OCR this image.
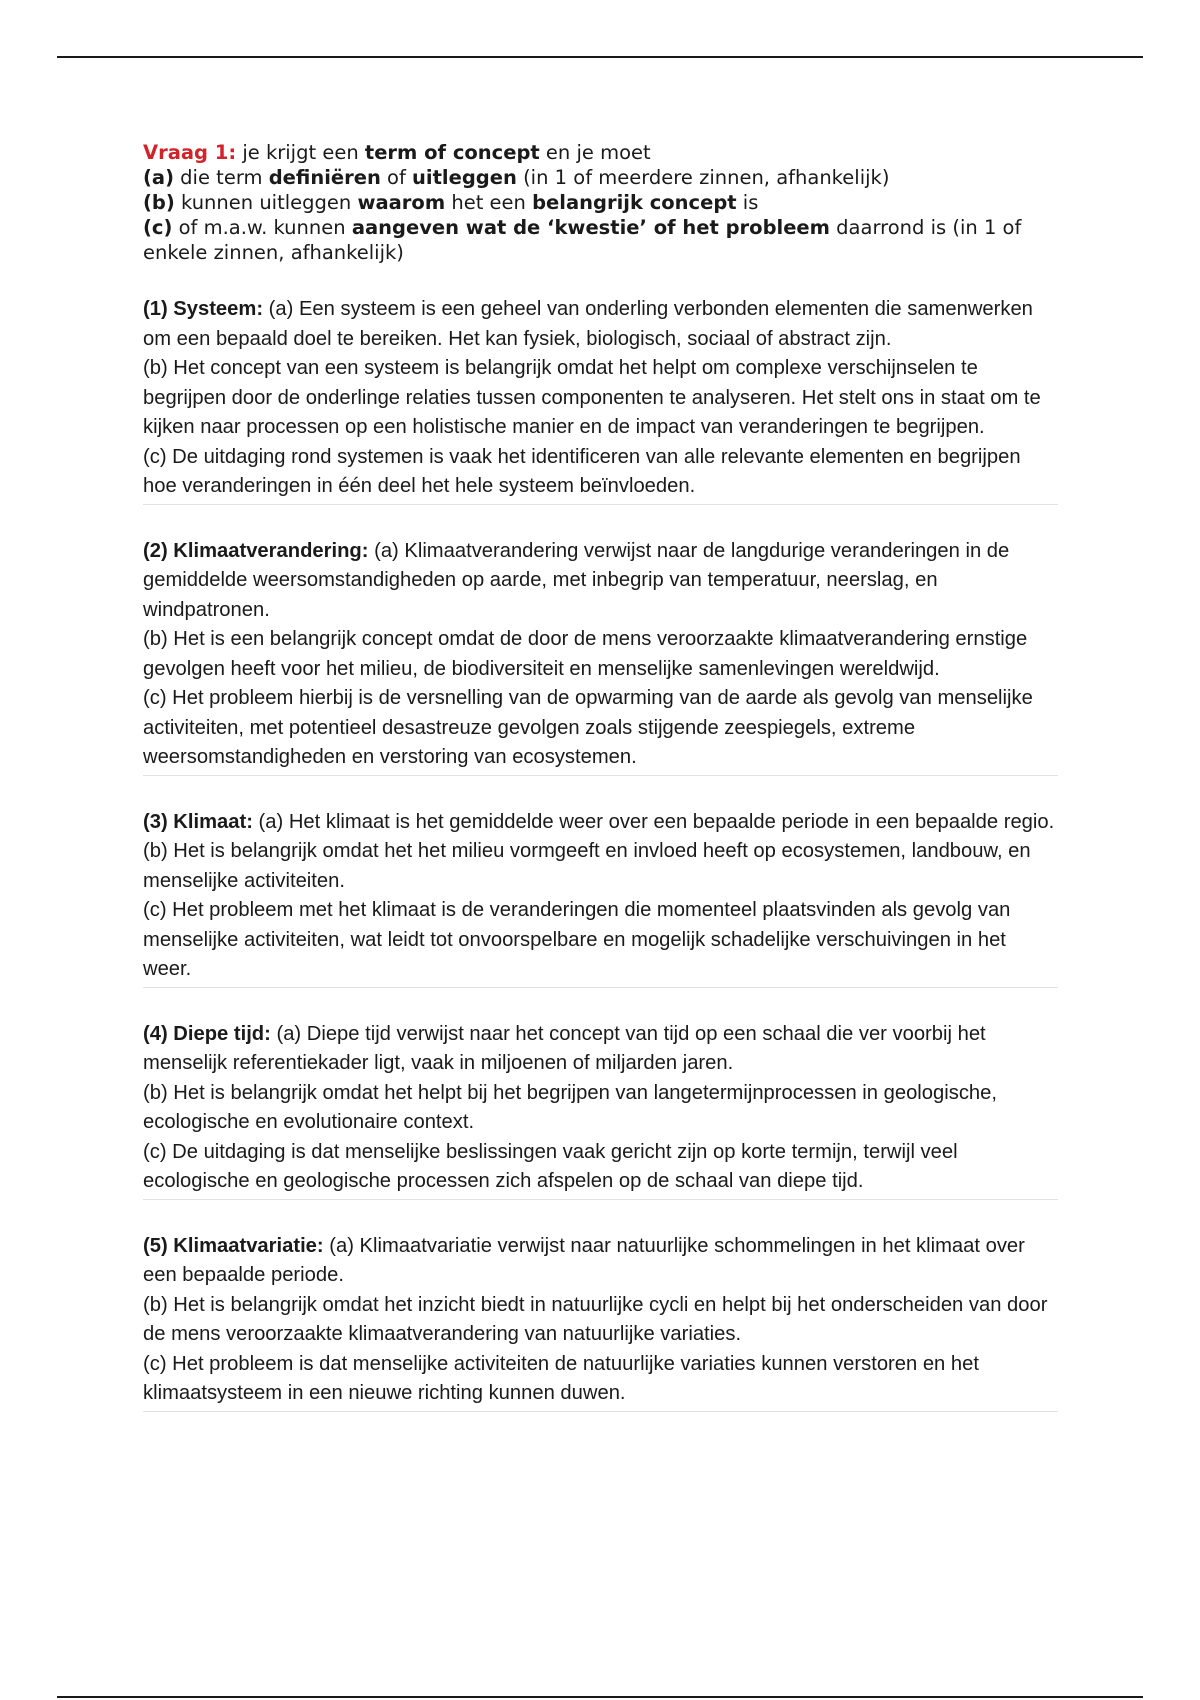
Vraag 1: je krijgt een term of concept en je moet

(a) die term definiëren of uitleggen (in 1 of meerdere zinnen, afhankelijk)

(b) kunnen uitleggen waarom het een belangrijk concept is

(c) of m.a.w. kunnen aangeven wat de ‘kwestie’ of het probleem daarrond is (in 1 of enkele zinnen, afhankelijk)

(1) Systeem: (a) Een systeem is een geheel van onderling verbonden elementen die samenwerken om een bepaald doel te bereiken. Het kan fysiek, biologisch, sociaal of abstract zijn.

(b) Het concept van een systeem is belangrijk omdat het helpt om complexe verschijnselen te begrijpen door de onderlinge relaties tussen componenten te analyseren. Het stelt ons in staat om te kijken naar processen op een holistische manier en de impact van veranderingen te begrijpen.

(c) De uitdaging rond systemen is vaak het identificeren van alle relevante elementen en begrijpen hoe veranderingen in één deel het hele systeem beïnvloeden.

(2) Klimaatverandering: (a) Klimaatverandering verwijst naar de langdurige veranderingen in de gemiddelde weersomstandigheden op aarde, met inbegrip van temperatuur, neerslag, en windpatronen.

(b) Het is een belangrijk concept omdat de door de mens veroorzaakte klimaatverandering ernstige gevolgen heeft voor het milieu, de biodiversiteit en menselijke samenlevingen wereldwijd.

(c) Het probleem hierbij is de versnelling van de opwarming van de aarde als gevolg van menselijke activiteiten, met potentieel desastreuze gevolgen zoals stijgende zeespiegels, extreme weersomstandigheden en verstoring van ecosystemen.

(3) Klimaat: (a) Het klimaat is het gemiddelde weer over een bepaalde periode in een bepaalde regio.

(b) Het is belangrijk omdat het het milieu vormgeeft en invloed heeft op ecosystemen, landbouw, en menselijke activiteiten.

(c) Het probleem met het klimaat is de veranderingen die momenteel plaatsvinden als gevolg van menselijke activiteiten, wat leidt tot onvoorspelbare en mogelijk schadelijke verschuivingen in het weer.

(4) Diepe tijd: (a) Diepe tijd verwijst naar het concept van tijd op een schaal die ver voorbij het menselijk referentiekader ligt, vaak in miljoenen of miljarden jaren.

(b) Het is belangrijk omdat het helpt bij het begrijpen van langetermijnprocessen in geologische, ecologische en evolutionaire context.

(c) De uitdaging is dat menselijke beslissingen vaak gericht zijn op korte termijn, terwijl veel ecologische en geologische processen zich afspelen op de schaal van diepe tijd.

(5) Klimaatvariatie: (a) Klimaatvariatie verwijst naar natuurlijke schommelingen in het klimaat over een bepaalde periode.

(b) Het is belangrijk omdat het inzicht biedt in natuurlijke cycli en helpt bij het onderscheiden van door de mens veroorzaakte klimaatverandering van natuurlijke variaties.

(c) Het probleem is dat menselijke activiteiten de natuurlijke variaties kunnen verstoren en het klimaatsysteem in een nieuwe richting kunnen duwen.
